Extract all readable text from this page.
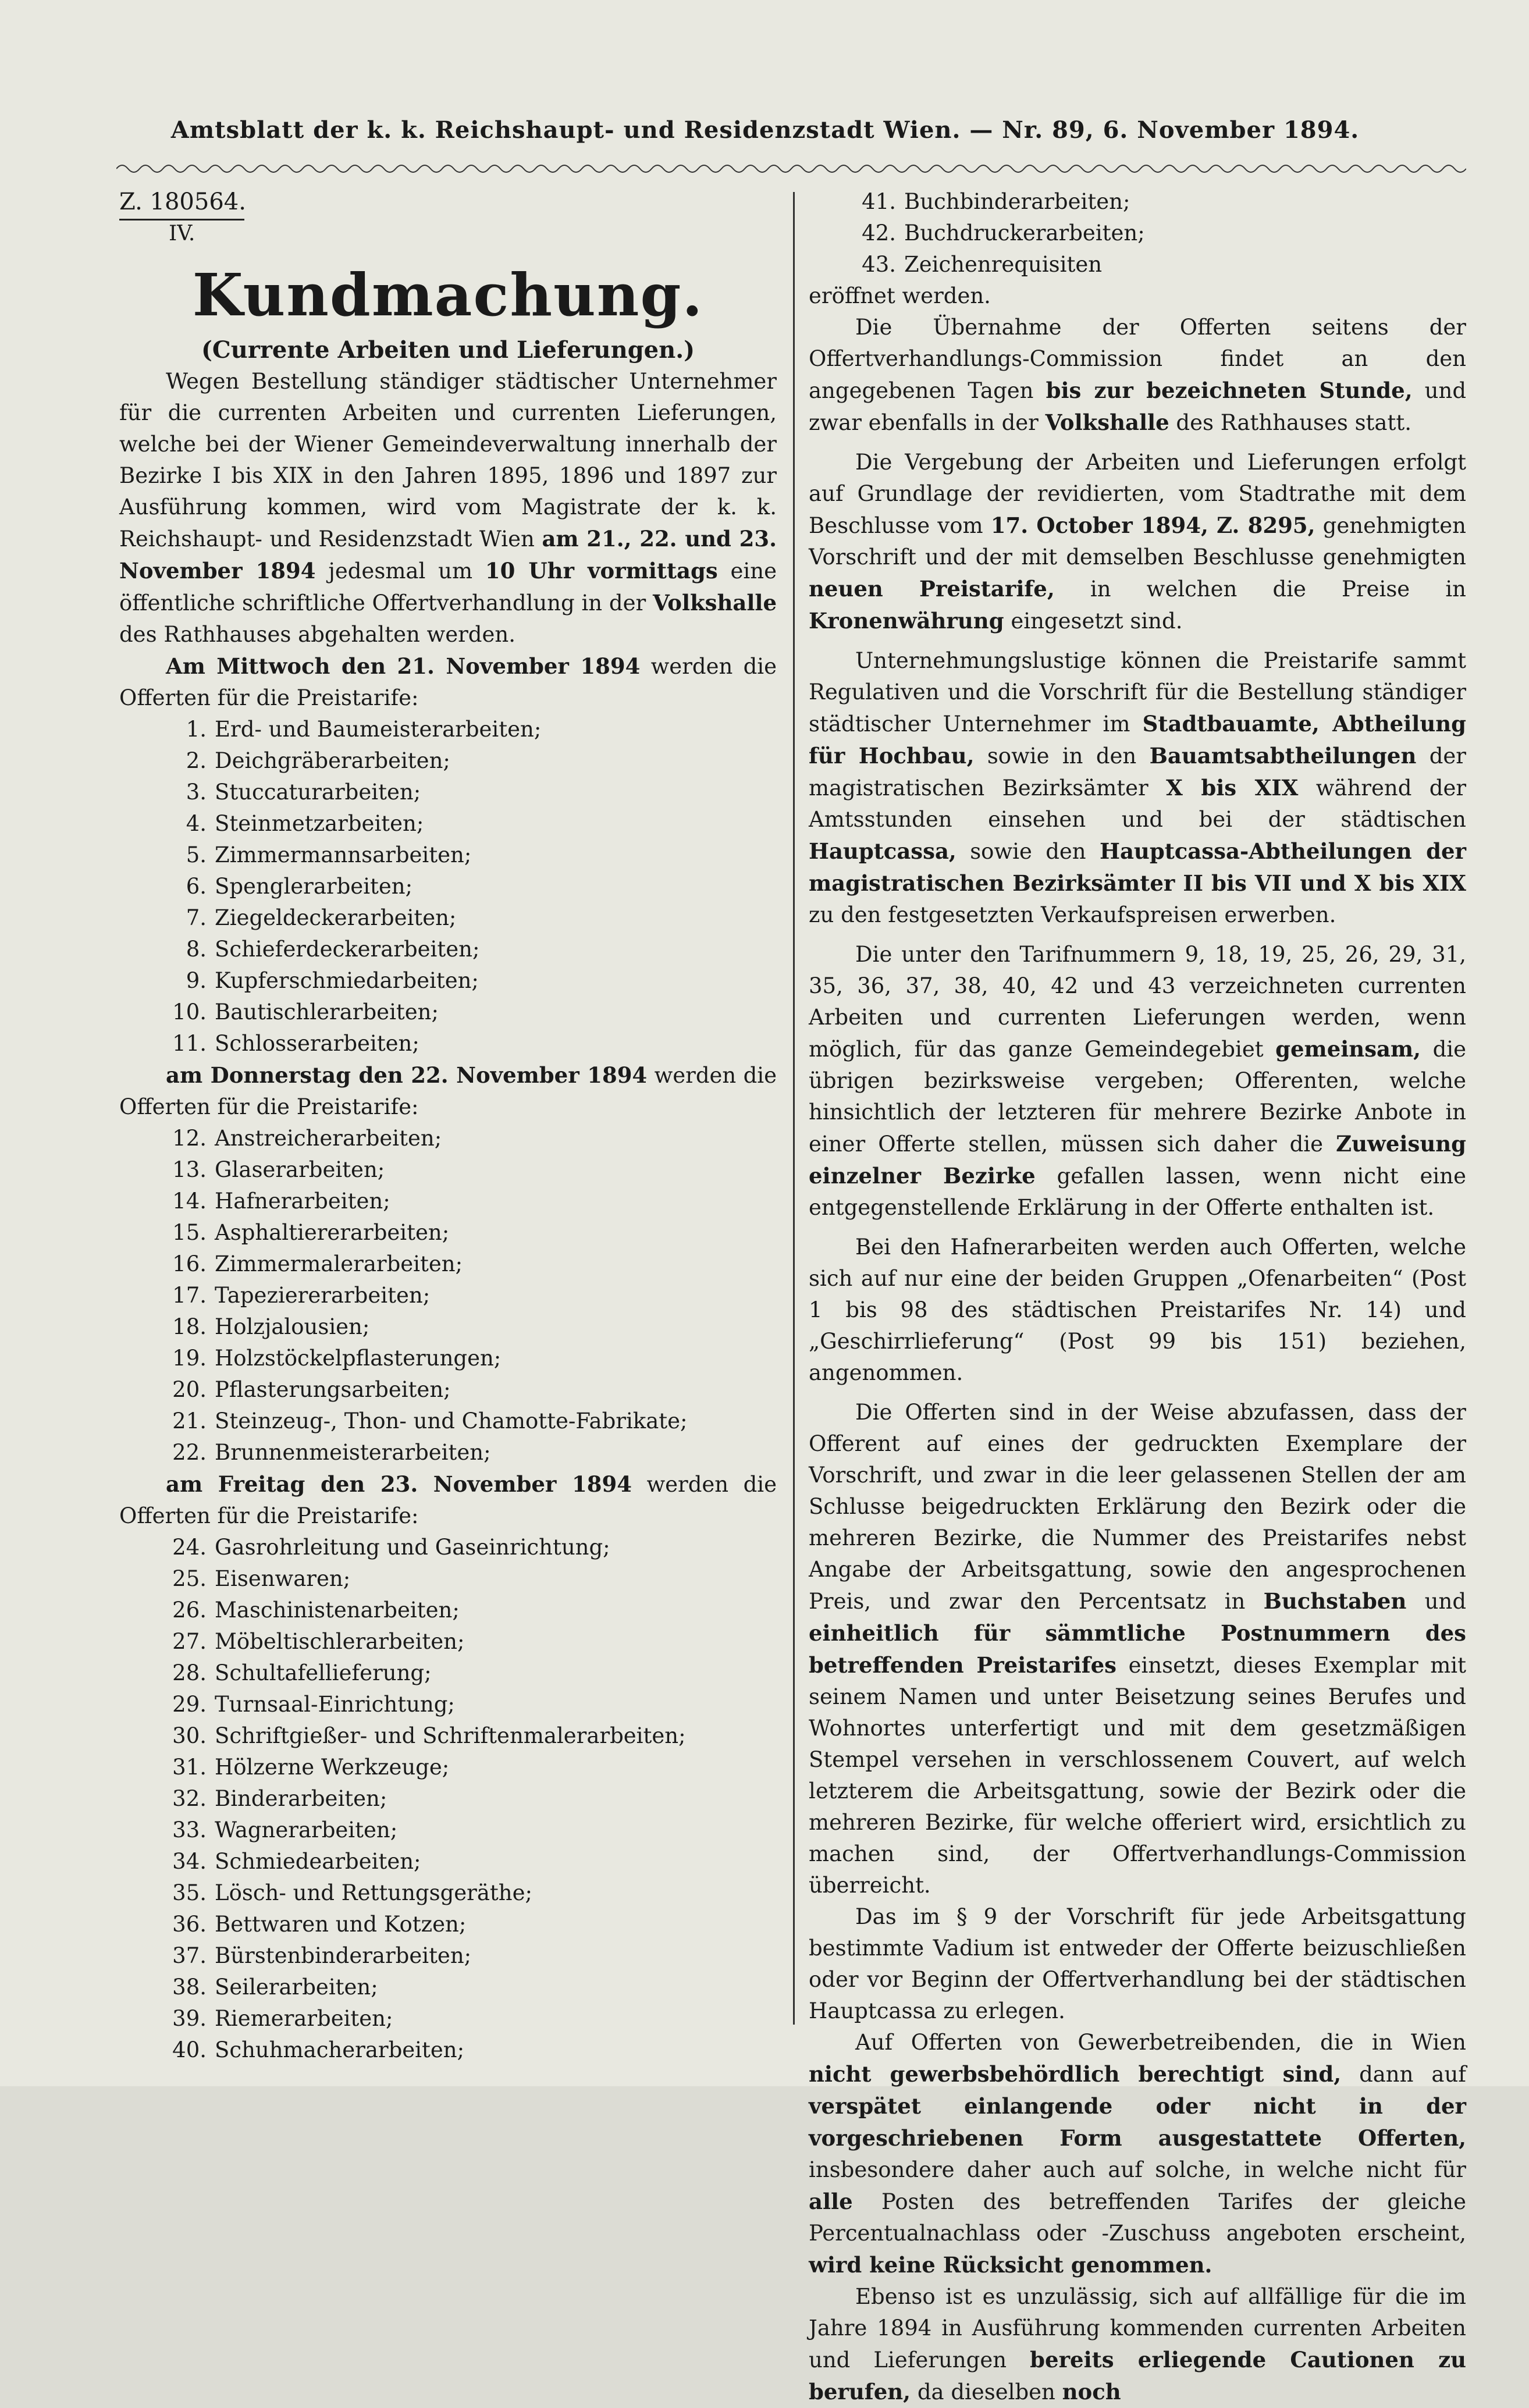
Amtsblatt der k. k. Reichshaupt- und Residenzstadt Wien. — Nr. 89, 6. November 1894.
Z. 180564.
IV.
Kundmachung.
(Currente Arbeiten und Lieferungen.)

Wegen Bestellung ständiger städtischer Unternehmer für die currenten Arbeiten und currenten Lieferungen, welche bei der Wiener Gemeindeverwaltung innerhalb der Bezirke I bis XIX in den Jahren 1895, 1896 und 1897 zur Ausführung kommen, wird vom Magistrate der k. k. Reichshaupt- und Residenzstadt Wien am 21., 22. und 23. November 1894 jedesmal um 10 Uhr vormittags eine öffentliche schriftliche Offertverhandlung in der Volkshalle des Rathhauses abgehalten werden.

Am Mittwoch den 21. November 1894 werden die Offerten für die Preistarife:

1. Erd- und Baumeisterarbeiten;
2. Deichgräberarbeiten;
3. Stuccaturarbeiten;
4. Steinmetzarbeiten;
5. Zimmermannsarbeiten;
6. Spenglerarbeiten;
7. Ziegeldeckerarbeiten;
8. Schieferdeckerarbeiten;
9. Kupferschmiedarbeiten;
10. Bautischlerarbeiten;
11. Schlosserarbeiten;

am Donnerstag den 22. November 1894 werden die Offerten für die Preistarife:

12. Anstreicherarbeiten;
13. Glaserarbeiten;
14. Hafnerarbeiten;
15. Asphaltiererarbeiten;
16. Zimmermalerarbeiten;
17. Tapeziererarbeiten;
18. Holzjalousien;
19. Holzstöckelpflasterungen;
20. Pflasterungsarbeiten;
21. Steinzeug-, Thon- und Chamotte-Fabrikate;
22. Brunnenmeisterarbeiten;

am Freitag den 23. November 1894 werden die Offerten für die Preistarife:

24. Gasrohrleitung und Gaseinrichtung;
25. Eisenwaren;
26. Maschinistenarbeiten;
27. Möbeltischlerarbeiten;
28. Schultafellieferung;
29. Turnsaal-Einrichtung;
30. Schriftgießer- und Schriftenmalerarbeiten;
31. Hölzerne Werkzeuge;
32. Binderarbeiten;
33. Wagnerarbeiten;
34. Schmiedearbeiten;
35. Lösch- und Rettungsgeräthe;
36. Bettwaren und Kotzen;
37. Bürstenbinderarbeiten;
38. Seilerarbeiten;
39. Riemerarbeiten;
40. Schuhmacherarbeiten;
41. Buchbinderarbeiten;
42. Buchdruckerarbeiten;
43. Zeichenrequisiten

eröffnet werden.

Die Übernahme der Offerten seitens der Offertverhandlungs-Commission findet an den angegebenen Tagen bis zur bezeichneten Stunde, und zwar ebenfalls in der Volkshalle des Rathhauses statt.

Die Vergebung der Arbeiten und Lieferungen erfolgt auf Grundlage der revidierten, vom Stadtrathe mit dem Beschlusse vom 17. October 1894, Z. 8295, genehmigten Vorschrift und der mit demselben Beschlusse genehmigten neuen Preistarife, in welchen die Preise in Kronenwährung eingesetzt sind.

Unternehmungslustige können die Preistarife sammt Regulativen und die Vorschrift für die Bestellung ständiger städtischer Unternehmer im Stadtbauamte, Abtheilung für Hochbau, sowie in den Bauamtsabtheilungen der magistratischen Bezirksämter X bis XIX während der Amtsstunden einsehen und bei der städtischen Hauptcassa, sowie den Hauptcassa-Abtheilungen der magistratischen Bezirksämter II bis VII und X bis XIX zu den festgesetzten Verkaufspreisen erwerben.

Die unter den Tarifnummern 9, 18, 19, 25, 26, 29, 31, 35, 36, 37, 38, 40, 42 und 43 verzeichneten currenten Arbeiten und currenten Lieferungen werden, wenn möglich, für das ganze Gemeindegebiet gemeinsam, die übrigen bezirksweise vergeben; Offerenten, welche hinsichtlich der letzteren für mehrere Bezirke Anbote in einer Offerte stellen, müssen sich daher die Zuweisung einzelner Bezirke gefallen lassen, wenn nicht eine entgegenstellende Erklärung in der Offerte enthalten ist.

Bei den Hafnerarbeiten werden auch Offerten, welche sich auf nur eine der beiden Gruppen „Ofenarbeiten“ (Post 1 bis 98 des städtischen Preistarifes Nr. 14) und „Geschirrlieferung“ (Post 99 bis 151) beziehen, angenommen.

Die Offerten sind in der Weise abzufassen, dass der Offerent auf eines der gedruckten Exemplare der Vorschrift, und zwar in die leer gelassenen Stellen der am Schlusse beigedruckten Erklärung den Bezirk oder die mehreren Bezirke, die Nummer des Preistarifes nebst Angabe der Arbeitsgattung, sowie den angesprochenen Preis, und zwar den Percentsatz in Buchstaben und einheitlich für sämmtliche Postnummern des betreffenden Preistarifes einsetzt, dieses Exemplar mit seinem Namen und unter Beisetzung seines Berufes und Wohnortes unterfertigt und mit dem gesetzmäßigen Stempel versehen in verschlossenem Couvert, auf welch letzterem die Arbeitsgattung, sowie der Bezirk oder die mehreren Bezirke, für welche offeriert wird, ersichtlich zu machen sind, der Offertverhandlungs-Commission überreicht.

Das im § 9 der Vorschrift für jede Arbeitsgattung bestimmte Vadium ist entweder der Offerte beizuschließen oder vor Beginn der Offertverhandlung bei der städtischen Hauptcassa zu erlegen.

Auf Offerten von Gewerbetreibenden, die in Wien nicht gewerbsbehördlich berechtigt sind, dann auf verspätet einlangende oder nicht in der vorgeschriebenen Form ausgestattete Offerten, insbesondere daher auch auf solche, in welche nicht für alle Posten des betreffenden Tarifes der gleiche Percentualnachlass oder -Zuschuss angeboten erscheint, wird keine Rücksicht genommen.

Ebenso ist es unzulässig, sich auf allfällige für die im Jahre 1894 in Ausführung kommenden currenten Arbeiten und Lieferungen bereits erliegende Cautionen zu berufen, da dieselben noch
